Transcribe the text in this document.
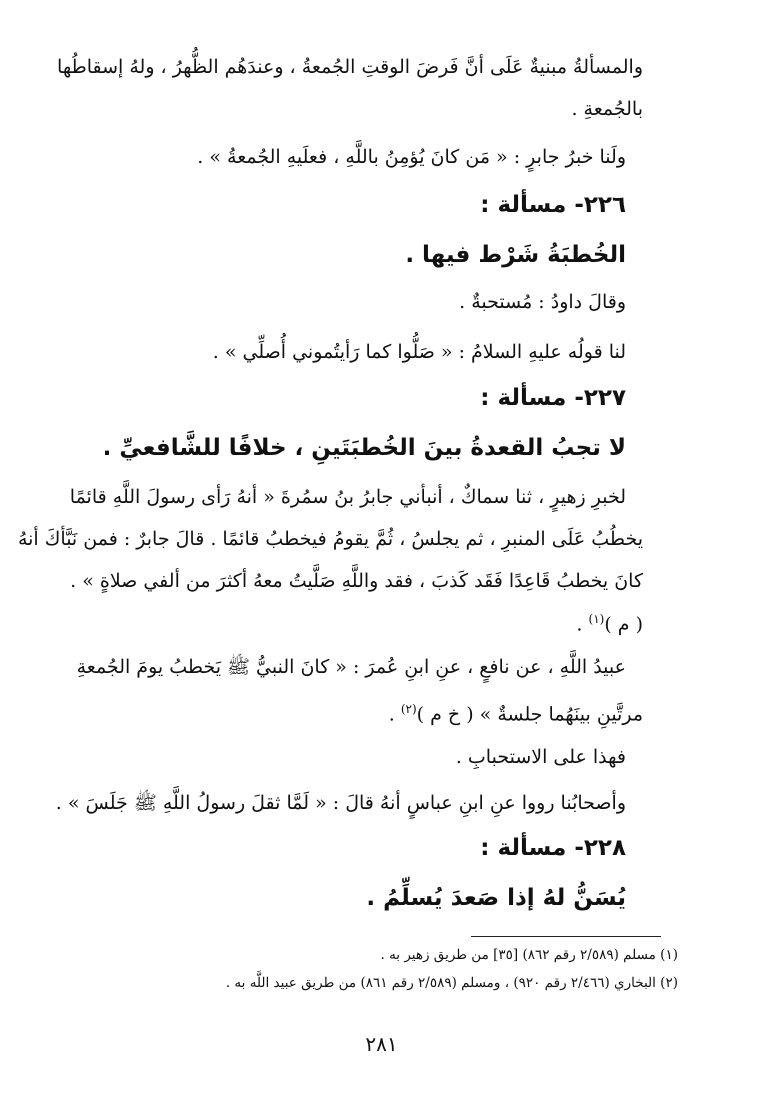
والمسألةُ مبنيةٌ عَلَى أنَّ فَرضَ الوقتِ الجُمعةُ ، وعندَهُم الظُّهرُ ، ولهُ إسقاطُها
بالجُمعةِ .
ولَنا خبرُ جابرٍ : « مَن كانَ يُؤمِنُ باللَّهِ ، فعلَيهِ الجُمعةُ » .
٢٢٦- مسألة :
الخُطبَةُ شَرْط فيها .
وقالَ داودُ : مُستحبةٌ .
لنا قولُه عليهِ السلامُ : « صَلُّوا كما رَأيتُموني أُصلِّي » .
٢٢٧- مسألة :
لا تجبُ القعدةُ بينَ الخُطبَتَينِ ، خلافًا للشَّافعيِّ .
لخبرِ زهيرٍ ، ثنا سماكٌ ، أنبأني جابرُ بنُ سمُرةَ « أنهُ رَأى رسولَ اللَّهِ قائمًا
يخطُبُ عَلَى المنبرِ ، ثم يجلسُ ، ثُمَّ يقومُ فيخطبُ قائمًا . قالَ جابرٌ : فمن نَبَّأكَ أنهُ
كانَ يخطبُ قَاعِدًا فَقَد كَذبَ ، فقد واللَّهِ صَلَّيتُ معهُ أكثرَ من ألفي صلاةٍ » .
( م )$^{(١)}$ .
عبيدُ اللَّهِ ، عن نافعٍ ، عنِ ابنِ عُمرَ : « كانَ النبيُّ ﷺ يَخطبُ يومَ الجُمعةِ
مرتَّينِ بينَهُما جلسةٌ » ( خ م )$^{(٢)}$ .
فهذا على الاستحبابِ .
وأصحابُنا رووا عنِ ابنِ عباسٍ أنهُ قالَ : « لَمَّا ثقلَ رسولُ اللَّهِ ﷺ جَلَسَ » .
٢٢٨- مسألة :
يُسَنُّ لهُ إذا صَعدَ يُسلِّمُ .
(١) مسلم (٢/٥٨٩ رقم ٨٦٢) [٣٥] من طريق زهير به .
(٢) البخاري (٢/٤٦٦ رقم ٩٢٠) ، ومسلم (٢/٥٨٩ رقم ٨٦١) من طريق عبيد اللَّه به .
٢٨١
